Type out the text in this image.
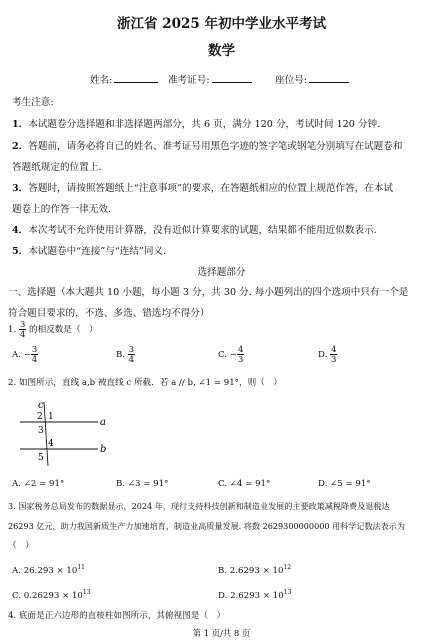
浙江省 2025 年初中学业水平考试
数学
姓名:	准考证号:	座位号:
考生注意:
1．本试题卷分选择题和非选择题两部分，共 6 页，满分 120 分，考试时间 120 分钟.
2．答题前，请务必将自己的姓名、准考证号用黑色字迹的签字笔或钢笔分别填写在试题卷和
答题纸规定的位置上.
3．答题时，请按照答题纸上“注意事项”的要求，在答题纸相应的位置上规范作答，在本试
题卷上的作答一律无效.
4．本次考试不允许使用计算器，没有近似计算要求的试题，结果都不能用近似数表示.
5．本试题卷中“连接”与“连结”同义.
选择题部分
一、选择题（本大题共 10 小题，每小题 3 分，共 30 分. 每小题列出的四个选项中只有一个是
符合题目要求的，不选、多选、错选均不得分）
1. $\frac{3}{4}$ 的相反数是（　）
A. − $\frac{3}{4}$	B. $\frac{3}{4}$	C. − $\frac{4}{3}$	D. $\frac{4}{3}$
2. 如图所示，直线 a,b 被直线 c 所截．若 a // b, ∠1 = 91°，则（　）
c
a
b
1
2
3
4
5
A. ∠2 = 91°	B. ∠3 = 91°	C. ∠4 = 91°	D. ∠5 = 91°
3. 国家税务总局发布的数据显示，2024 年，现行支持科技创新和制造业发展的主要政策减税降费及退税达
26293 亿元，助力我国新质生产力加速培育，制造业高质量发展. 将数 2629300000000 用科学记数法表示为
（　）
A. $26.293 \times 10^{11}$	B. $2.6293 \times 10^{12}$
C. $0.26293 \times 10^{13}$	D. $2.6293 \times 10^{13}$
4. 底面是正六边形的直棱柱如图所示，其俯视图是（　）
第 1 页/共 8 页
